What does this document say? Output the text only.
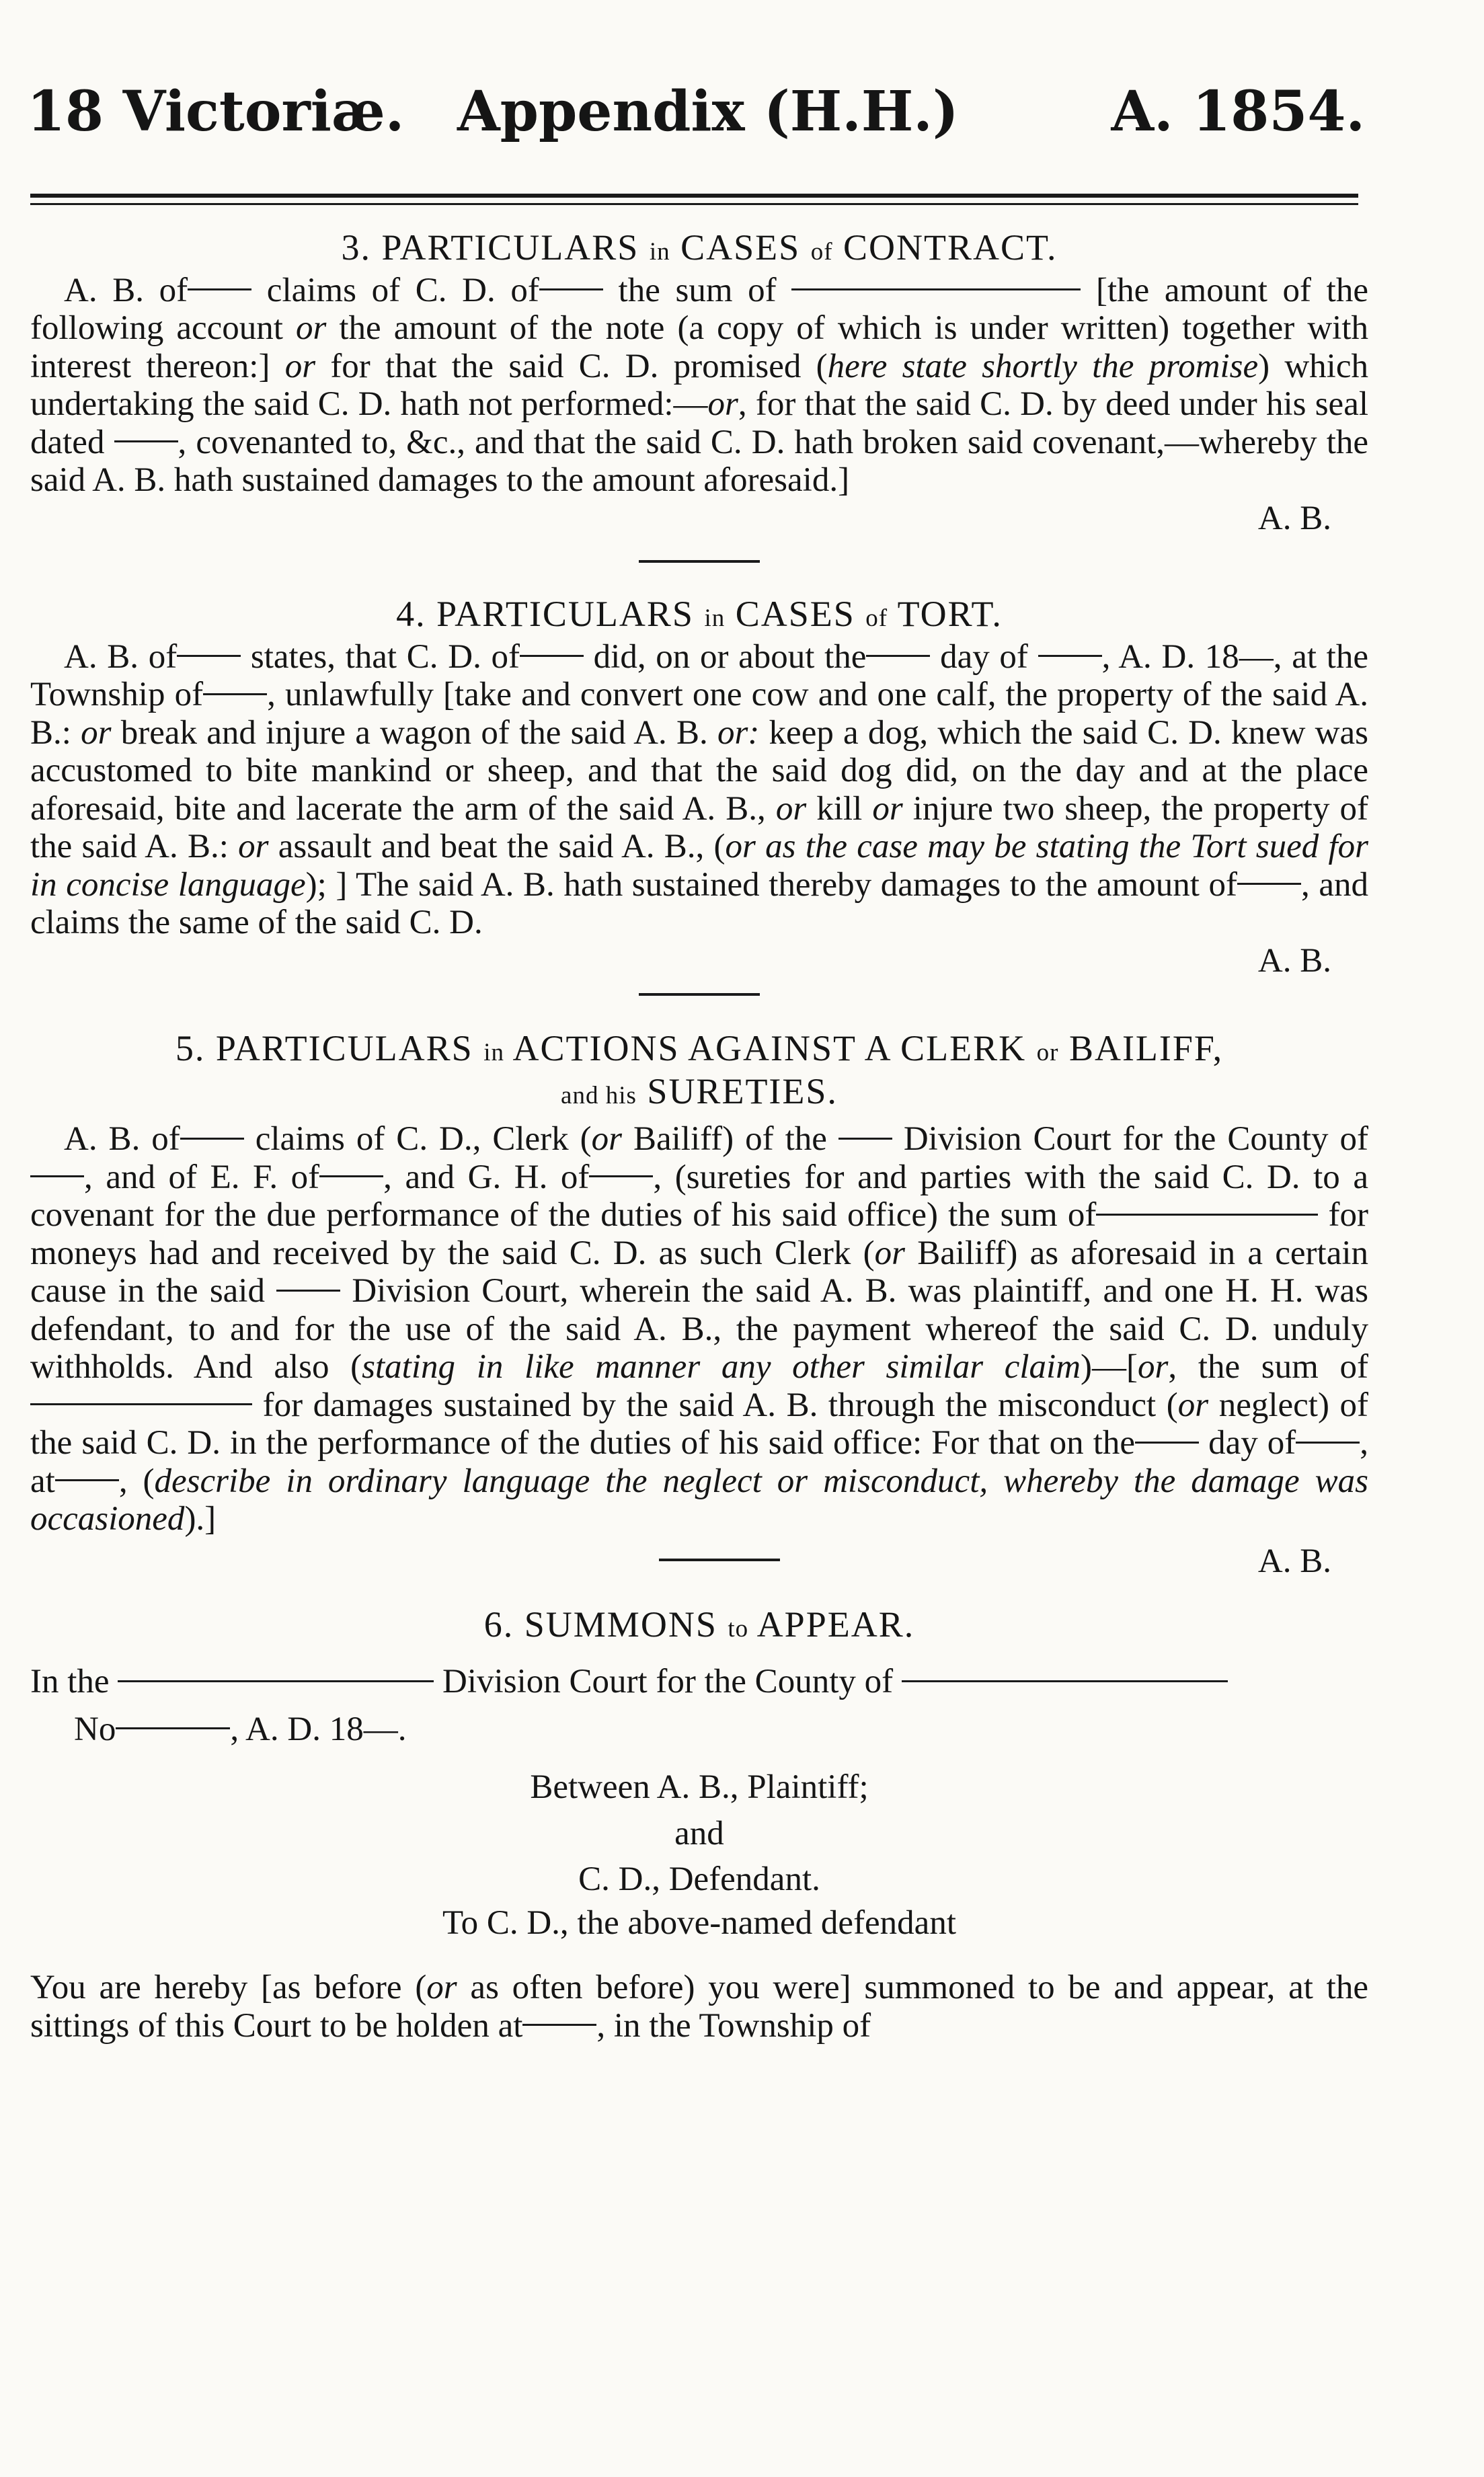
18 Victoriæ. Appendix (H.H.)	A. 1854.

3. PARTICULARS in CASES of CONTRACT.

A. B. of claims of C. D. of the sum of	[the amount of the following account or the amount of the note (a copy of which is under written) together with interest thereon:] or for that the said C. D. promised (here state shortly the promise) which undertaking the said C. D. hath not performed:—or, for that the said C. D. by deed under his seal dated , covenanted to, &c., and that the said C. D. hath broken said covenant,—whereby the said A. B. hath sustained damages to the amount aforesaid.]

A. B.

4. PARTICULARS in CASES of TORT.

A. B. of states, that C. D. of did, on or about the day of , A. D. 18—, at the Township of , unlawfully [take and convert one cow and one calf, the property of the said A. B.: or break and injure a wagon of the said A. B. or: keep a dog, which the said C. D. knew was accustomed to bite mankind or sheep, and that the said dog did, on the day and at the place aforesaid, bite and lacerate the arm of the said A. B., or kill or injure two sheep, the property of the said A. B.: or assault and beat the said A. B., (or as the case may be stating the Tort sued for in concise language); ] The said A. B. hath sustained thereby damages to the amount of , and claims the same of the said C. D.

A. B.

5. PARTICULARS in ACTIONS AGAINST A CLERK or BAILIFF,

and his SURETIES.

A. B. of claims of C. D., Clerk (or Bailiff) of the  Division Court for the County of, and of E. F. of , and G. H. of , (sureties for and parties with the said C. D. to a covenant for the due performance of the duties of his said office) the sum of	for moneys had and received by the said C. D. as such Clerk (or Bailiff) as aforesaid in a certain cause in the said  Division Court, wherein the said A. B. was plaintiff, and one H. H. was defendant, to and for the use of the said A. B., the payment whereof the said C. D. unduly withholds. And also (stating in like manner any other similar claim)—[or, the sum of  for damages sustained by the said A. B. through the misconduct (or neglect) of the said C. D. in the performance of the duties of his said office: For that on the day of , at , (describe in ordinary language the neglect or misconduct, whereby the damage was occasioned).]

A. B.

6. SUMMONS to APPEAR.

In the	Division Court for the County of

No	, A. D. 18—.

Between A. B., Plaintiff;

and

C. D., Defendant.

To C. D., the above-named defendant

You are hereby [as before (or as often before) you were] summoned to be and appear, at the sittings of this Court to be holden at , in the Township of
